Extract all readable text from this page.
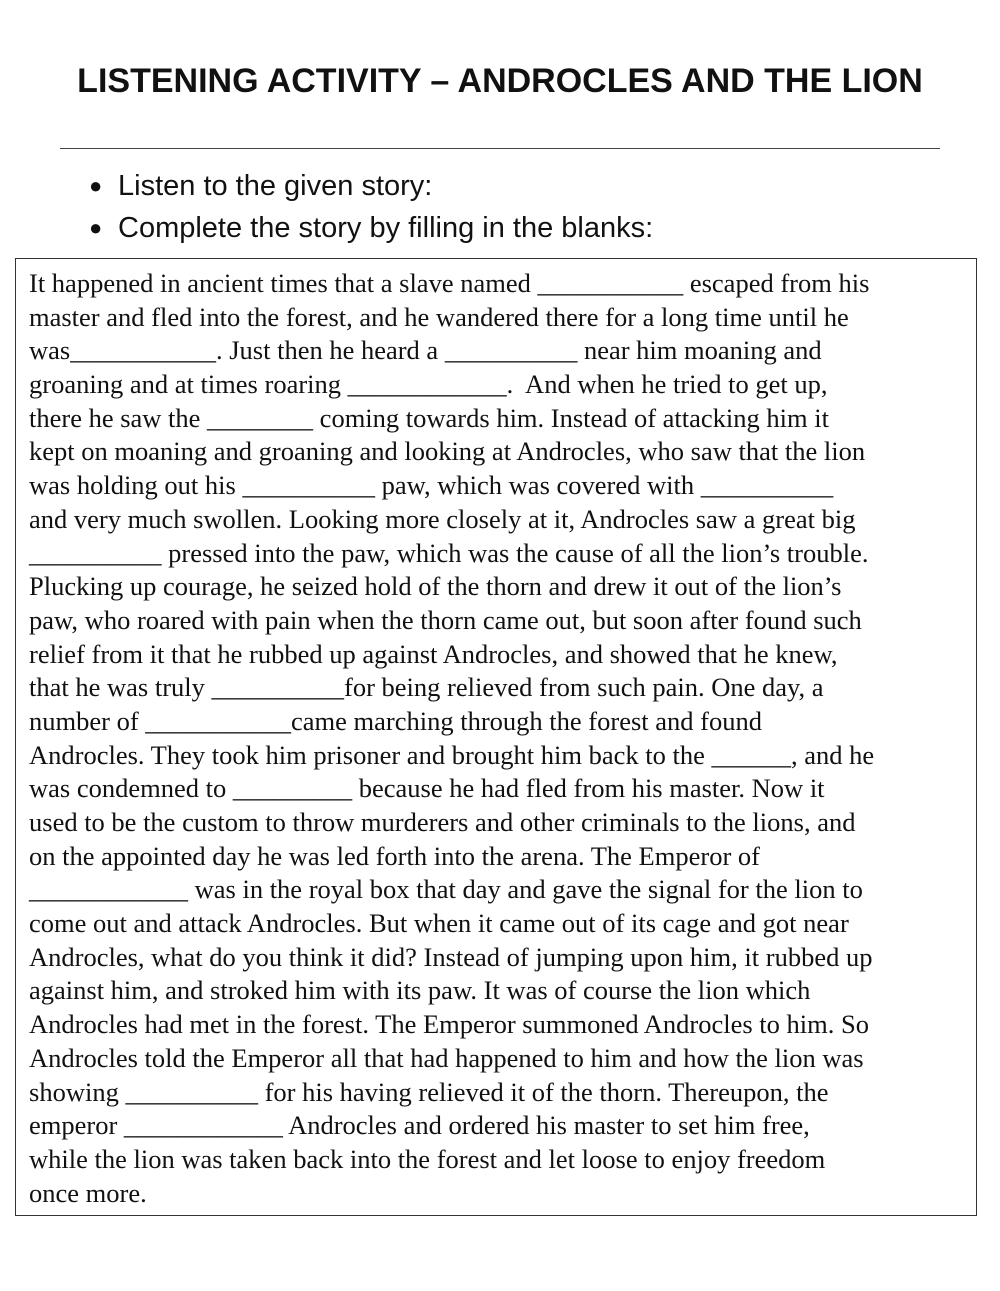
LISTENING ACTIVITY – ANDROCLES AND THE LION
● Listen to the given story:
● Complete the story by filling in the blanks:
It happened in ancient times that a slave named ___________ escaped from his
master and fled into the forest, and he wandered there for a long time until he
was___________. Just then he heard a __________ near him moaning and
groaning and at times roaring ____________.  And when he tried to get up,
there he saw the ________ coming towards him. Instead of attacking him it
kept on moaning and groaning and looking at Androcles, who saw that the lion
was holding out his __________ paw, which was covered with __________
and very much swollen. Looking more closely at it, Androcles saw a great big
__________ pressed into the paw, which was the cause of all the lion’s trouble.
Plucking up courage, he seized hold of the thorn and drew it out of the lion’s
paw, who roared with pain when the thorn came out, but soon after found such
relief from it that he rubbed up against Androcles, and showed that he knew,
that he was truly __________for being relieved from such pain. One day, a
number of ___________came marching through the forest and found
Androcles. They took him prisoner and brought him back to the ______, and he
was condemned to _________ because he had fled from his master. Now it
used to be the custom to throw murderers and other criminals to the lions, and
on the appointed day he was led forth into the arena. The Emperor of
____________ was in the royal box that day and gave the signal for the lion to
come out and attack Androcles. But when it came out of its cage and got near
Androcles, what do you think it did? Instead of jumping upon him, it rubbed up
against him, and stroked him with its paw. It was of course the lion which
Androcles had met in the forest. The Emperor summoned Androcles to him. So
Androcles told the Emperor all that had happened to him and how the lion was
showing __________ for his having relieved it of the thorn. Thereupon, the
emperor ____________ Androcles and ordered his master to set him free,
while the lion was taken back into the forest and let loose to enjoy freedom
once more.
